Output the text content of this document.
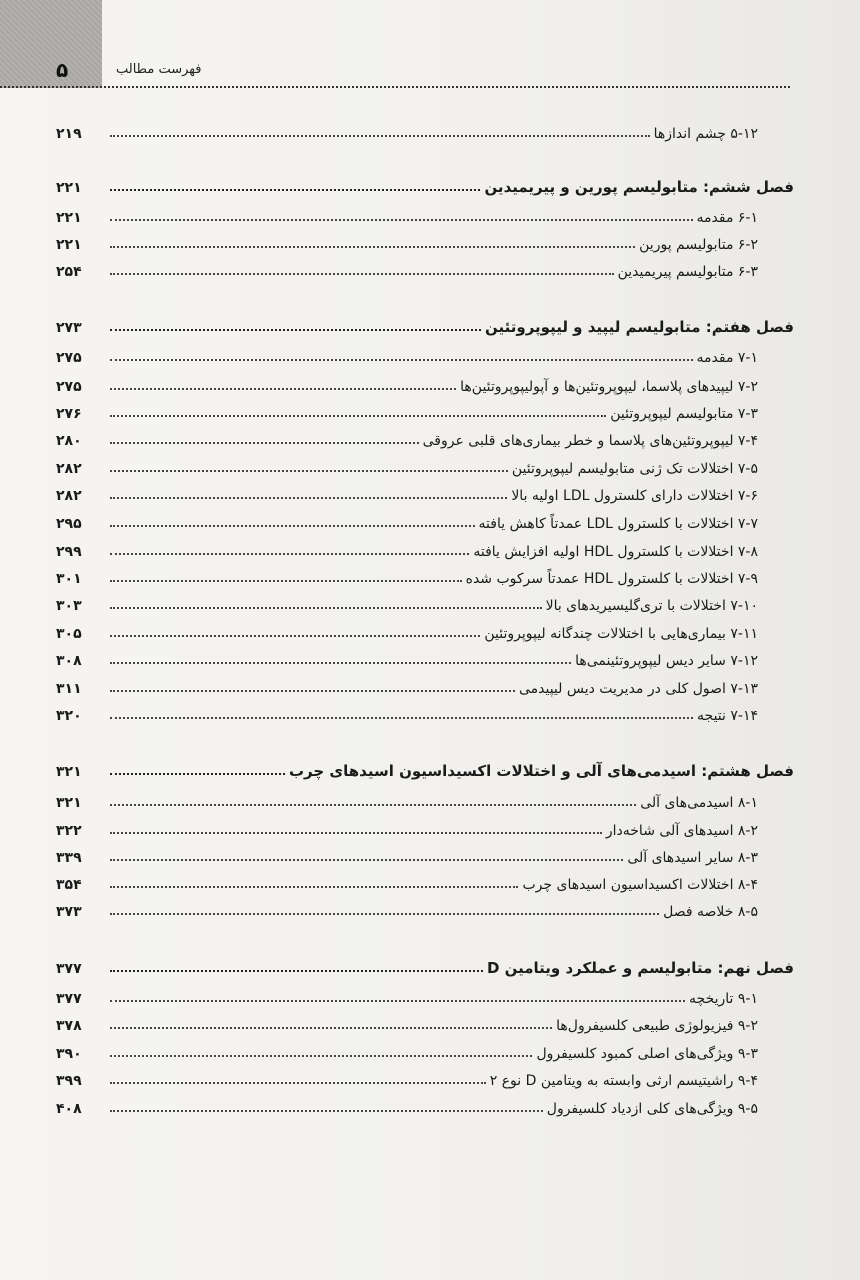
۵	فهرست مطالب
۲۱۹	۵-۱۲ چشم اندازها
۲۲۱	فصل ششم: متابولیسم پورین و پیریمیدین
۲۲۱	۶-۱ مقدمه
۲۲۱	۶-۲ متابولیسم پورین
۲۵۴	۶-۳ متابولیسم پیریمیدین
۲۷۳	فصل هفتم: متابولیسم لیپید و لیپوپروتئین
۲۷۵	۷-۱ مقدمه
۲۷۵	۷-۲ لیپیدهای پلاسما، لیپوپروتئین‌ها و آپولیپوپروتئین‌ها
۲۷۶	۷-۳ متابولیسم لیپوپروتئین
۲۸۰	۷-۴ لیپوپروتئین‌های پلاسما و خطر بیماری‌های قلبی عروقی
۲۸۲	۷-۵ اختلالات تک ژنی متابولیسم لیپوپروتئین
۲۸۲	۷-۶ اختلالات دارای کلسترول LDL اولیه بالا
۲۹۵	۷-۷ اختلالات با کلسترول LDL عمدتاً کاهش یافته
۲۹۹	۷-۸ اختلالات با کلسترول HDL اولیه افزایش یافته
۳۰۱	۷-۹ اختلالات با کلسترول HDL عمدتاً سرکوب شده
۳۰۳	۷-۱۰ اختلالات با تری‌گلیسیریدهای بالا
۳۰۵	۷-۱۱ بیماری‌هایی با اختلالات چندگانه لیپوپروتئین
۳۰۸	۷-۱۲ سایر دیس لیپوپروتئینمی‌ها
۳۱۱	۷-۱۳ اصول کلی در مدیریت دیس لیپیدمی
۳۲۰	۷-۱۴ نتیجه
۳۲۱	فصل هشتم: اسیدمی‌های آلی و اختلالات اکسیداسیون اسیدهای چرب
۳۲۱	۸-۱ اسیدمی‌های آلی
۳۲۲	۸-۲ اسیدهای آلی شاخه‌دار
۳۳۹	۸-۳ سایر اسیدهای آلی
۳۵۴	۸-۴ اختلالات اکسیداسیون اسیدهای چرب
۳۷۳	۸-۵ خلاصه فصل
۳۷۷	فصل نهم: متابولیسم و عملکرد ویتامین D
۳۷۷	۹-۱ تاریخچه
۳۷۸	۹-۲ فیزیولوژی طبیعی کلسیفرول‌ها
۳۹۰	۹-۳ ویژگی‌های اصلی کمبود کلسیفرول
۳۹۹	۹-۴ راشیتیسم ارثی وابسته به ویتامین D نوع ۲
۴۰۸	۹-۵ ویژگی‌های کلی ازدیاد کلسیفرول
